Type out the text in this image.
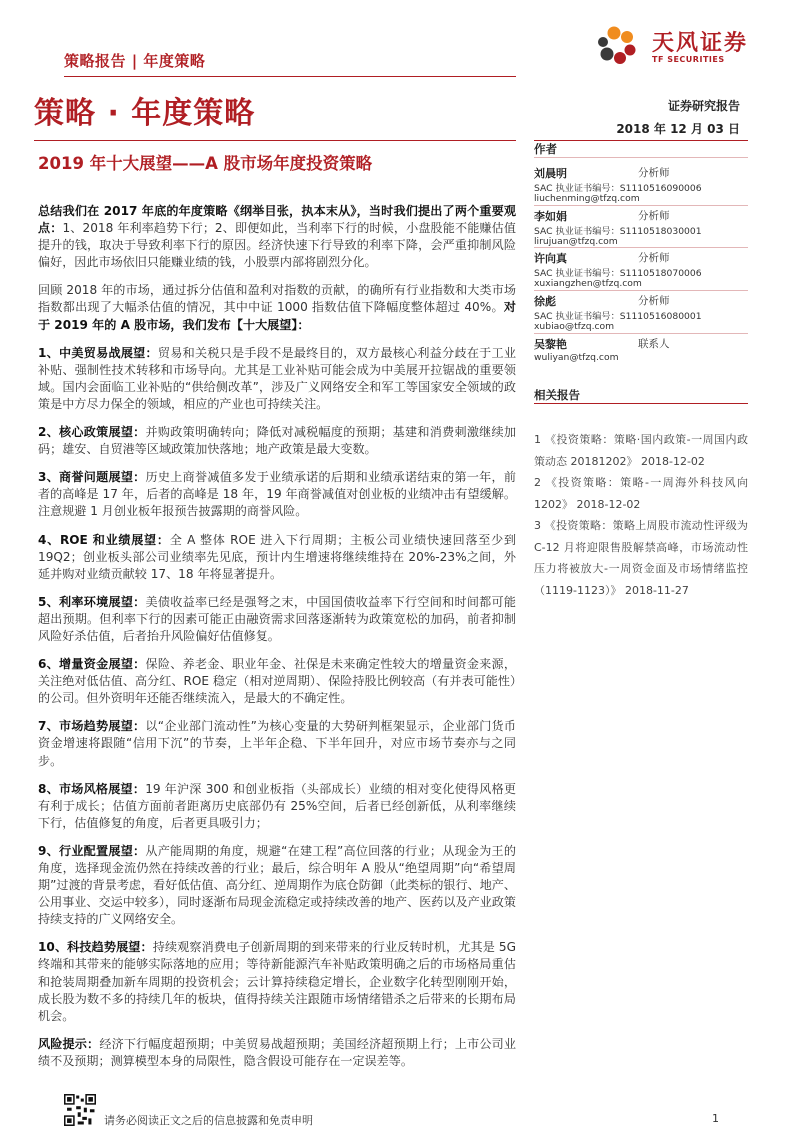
策略报告 | 年度策略
天风证券
TF SECURITIES
策略 · 年度策略
2019 年十大展望——A 股市场年度投资策略
证券研究报告
2018 年 12 月 03 日

总结我们在 2017 年底的年度策略《纲举目张，执本末从》，当时我们提出了两个重要观点：1、2018 年利率趋势下行；2、即便如此，当利率下行的时候，小盘股能不能赚估值提升的钱，取决于导致利率下行的原因。经济快速下行导致的利率下降，会严重抑制风险偏好，因此市场依旧只能赚业绩的钱，小股票内部将剧烈分化。

回顾 2018 年的市场，通过拆分估值和盈利对指数的贡献，的确所有行业指数和大类市场指数都出现了大幅杀估值的情况，其中中证 1000 指数估值下降幅度整体超过 40%。对于 2019 年的 A 股市场，我们发布【十大展望】：

1、中美贸易战展望：贸易和关税只是手段不是最终目的，双方最核心利益分歧在于工业补贴、强制性技术转移和市场导向。尤其是工业补贴可能会成为中美展开拉锯战的重要领域。国内会面临工业补贴的“供给侧改革”，涉及广义网络安全和军工等国家安全领域的政策是中方尽力保全的领域，相应的产业也可持续关注。

2、核心政策展望：并购政策明确转向；降低对减税幅度的预期；基建和消费刺激继续加码；雄安、自贸港等区域政策加快落地；地产政策是最大变数。

3、商誉问题展望：历史上商誉减值多发于业绩承诺的后期和业绩承诺结束的第一年，前者的高峰是 17 年，后者的高峰是 18 年，19 年商誉减值对创业板的业绩冲击有望缓解。注意规避 1 月创业板年报预告披露期的商誉风险。

4、ROE 和业绩展望：全 A 整体 ROE 进入下行周期；主板公司业绩快速回落至少到 19Q2；创业板头部公司业绩率先见底，预计内生增速将继续维持在 20%-23%之间，外延并购对业绩贡献较 17、18 年将显著提升。

5、利率环境展望：美债收益率已经是强弩之末，中国国债收益率下行空间和时间都可能超出预期。但利率下行的因素可能正由融资需求回落逐渐转为政策宽松的加码，前者抑制风险好杀估值，后者抬升风险偏好估值修复。

6、增量资金展望：保险、养老金、职业年金、社保是未来确定性较大的增量资金来源，关注绝对低估值、高分红、ROE 稳定（相对逆周期）、保险持股比例较高（有并表可能性）的公司。但外资明年还能否继续流入，是最大的不确定性。

7、市场趋势展望：以“企业部门流动性”为核心变量的大势研判框架显示，企业部门货币资金增速将跟随“信用下沉”的节奏，上半年企稳、下半年回升，对应市场节奏亦与之同步。

8、市场风格展望：19 年沪深 300 和创业板指（头部成长）业绩的相对变化使得风格更有利于成长；估值方面前者距离历史底部仍有 25%空间，后者已经创新低，从利率继续下行，估值修复的角度，后者更具吸引力；

9、行业配置展望：从产能周期的角度，规避“在建工程”高位回落的行业；从现金为王的角度，选择现金流仍然在持续改善的行业；最后，综合明年 A 股从“绝望周期”向“希望周期”过渡的背景考虑，看好低估值、高分红、逆周期作为底仓防御（此类标的银行、地产、公用事业、交运中较多），同时逐渐布局现金流稳定或持续改善的地产、医药以及产业政策持续支持的广义网络安全。

10、科技趋势展望：持续观察消费电子创新周期的到来带来的行业反转时机，尤其是 5G 终端和其带来的能够实际落地的应用；等待新能源汽车补贴政策明确之后的市场格局重估和抢装周期叠加新车周期的投资机会；云计算持续稳定增长，企业数字化转型刚刚开始，成长股为数不多的持续几年的板块，值得持续关注跟随市场情绪错杀之后带来的长期布局机会。

风险提示：经济下行幅度超预期；中美贸易战超预期；美国经济超预期上行；上市公司业绩不及预期；测算模型本身的局限性，隐含假设可能存在一定误差等。

作者
刘晨明	分析师
SAC 执业证书编号：S1110516090006
liuchenming@tfzq.com
李如娟	分析师
SAC 执业证书编号：S1110518030001
lirujuan@tfzq.com
许向真	分析师
SAC 执业证书编号：S1110518070006
xuxiangzhen@tfzq.com
徐彪	分析师
SAC 执业证书编号：S1110516080001
xubiao@tfzq.com
吴黎艳	联系人
wuliyan@tfzq.com
相关报告

1 《投资策略：策略·国内政策-一周国内政策动态 20181202》 2018-12-02

2 《投资策略：策略-一周海外科技风向 1202》 2018-12-02

3 《投资策略：策略上周股市流动性评级为 C-12 月将迎限售股解禁高峰，市场流动性压力将被放大-一周资金面及市场情绪监控（1119-1123）》 2018-11-27

请务必阅读正文之后的信息披露和免责申明	1
